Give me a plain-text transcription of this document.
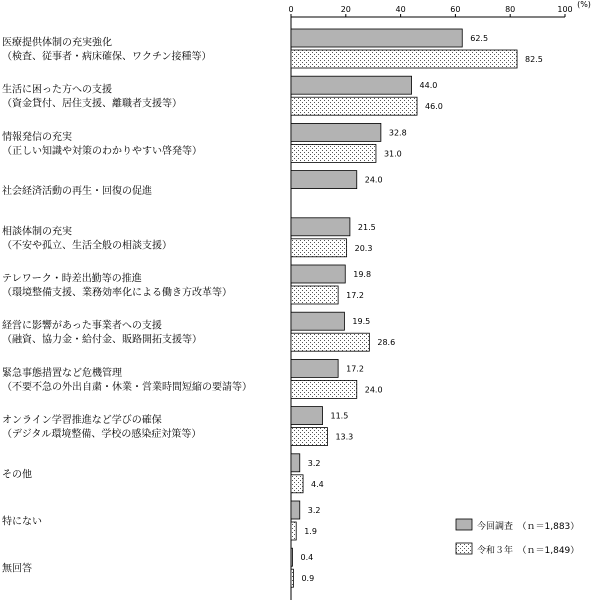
0	20	40	60	80	100
(%)
62.5
82.5
44.0
46.0
32.8
31.0
24.0
21.5
20.3
19.8
17.2
19.5
28.6
17.2
24.0
11.5
13.3
3.2
4.4
3.2
1.9
0.4
0.9
医療提供体制の充実強化
（検査、従事者・病床確保、ワクチン接種等）
生活に困った方への支援
（資金貸付、居住支援、離職者支援等）
情報発信の充実
（正しい知識や対策のわかりやすい啓発等）
社会経済活動の再生・回復の促進
相談体制の充実
（不安や孤立、生活全般の相談支援）
テレワーク・時差出勤等の推進
（環境整備支援、業務効率化による働き方改革等）
経営に影響があった事業者への支援
（融資、協力金・給付金、販路開拓支援等）
緊急事態措置など危機管理
（不要不急の外出自粛・休業・営業時間短縮の要請等）
オンライン学習推進など学びの確保
（デジタル環境整備、学校の感染症対策等）
その他
特にない
無回答
今回調査　（ｎ＝1,883）
令和３年　（ｎ＝1,849）
